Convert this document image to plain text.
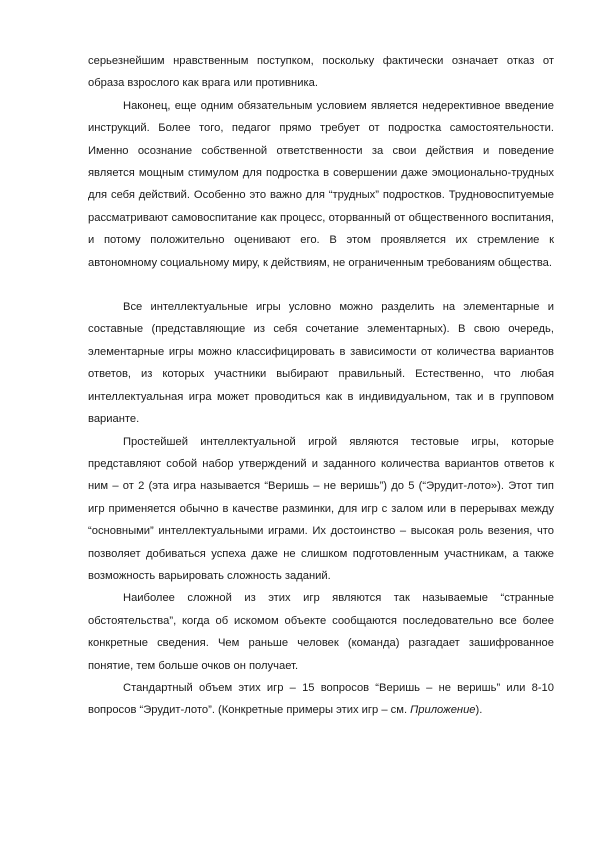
серьезнейшим нравственным поступком, поскольку фактически означает отказ от образа взрослого как врага или противника.

Наконец, еще одним обязательным условием является недерективное введение инструкций. Более того, педагог прямо требует от подростка самостоятельности. Именно осознание собственной ответственности за свои действия и поведение является мощным стимулом для подростка в совершении даже эмоционально-трудных для себя действий. Особенно это важно для “трудных” подростков. Трудновоспитуемые рассматривают самовоспитание как процесс, оторванный от общественного воспитания, и потому положительно оценивают его. В этом проявляется их стремление к автономному социальному миру, к действиям, не ограниченным требованиям общества.

Все интеллектуальные игры условно можно разделить на элементарные и составные (представляющие из себя сочетание элементарных). В свою очередь, элементарные игры можно классифицировать в зависимости от количества вариантов ответов, из которых участники выбирают правильный. Естественно, что любая интеллектуальная игра может проводиться как в индивидуальном, так и в групповом варианте.

Простейшей интеллектуальной игрой являются тестовые игры, которые представляют собой набор утверждений и заданного количества вариантов ответов к ним – от 2 (эта игра называется “Веришь – не веришь”) до 5 (“Эрудит-лото»). Этот тип игр применяется обычно в качестве разминки, для игр с залом или в перерывах между “основными” интеллектуальными играми. Их достоинство – высокая роль везения, что позволяет добиваться успеха даже не слишком подготовленным участникам, а также возможность варьировать сложность заданий.

Наиболее сложной из этих игр являются так называемые “странные обстоятельства”, когда об искомом объекте сообщаются последовательно все более конкретные сведения. Чем раньше человек (команда) разгадает зашифрованное понятие, тем больше очков он получает.

Стандартный объем этих игр – 15 вопросов “Веришь – не веришь” или 8-10 вопросов “Эрудит-лото”. (Конкретные примеры этих игр – см. Приложение).
